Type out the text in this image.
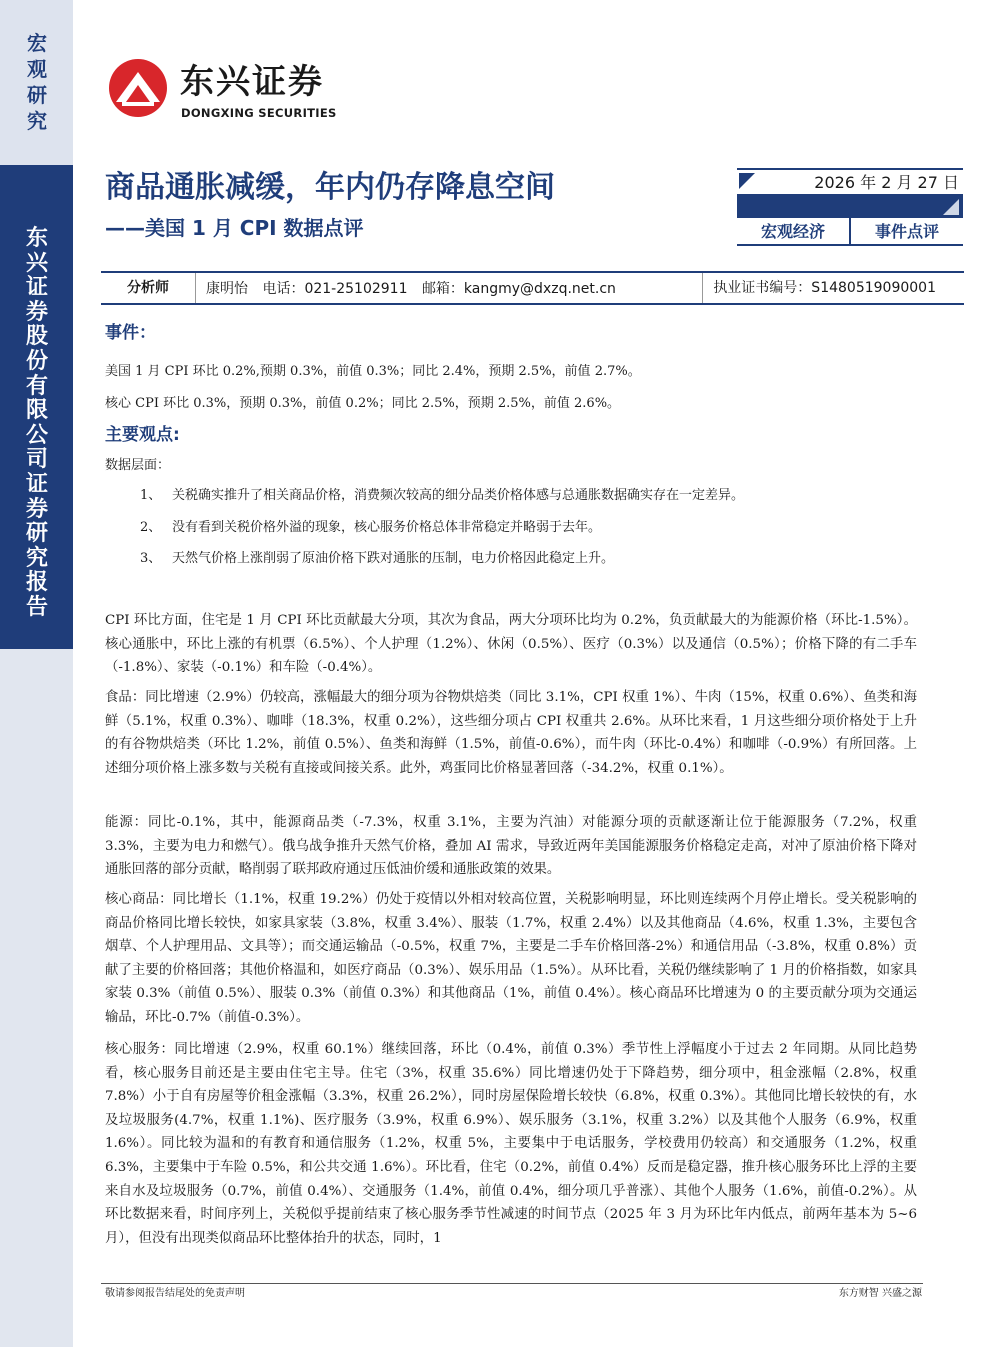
宏观研究
东兴证券股份有限公司证券研究报告
东兴证券
DONGXING SECURITIES
商品通胀减缓，年内仍存降息空间
——美国 1 月 CPI 数据点评
2026 年 2 月 27 日
宏观经济	事件点评
分析师	康明怡 电话：021-25102911 邮箱：kangmy@dxzq.net.cn	执业证书编号：S1480519090001
事件：
美国 1 月 CPI 环比 0.2%,预期 0.3%，前值 0.3%；同比 2.4%，预期 2.5%，前值 2.7%。
核心 CPI 环比 0.3%，预期 0.3%，前值 0.2%；同比 2.5%，预期 2.5%，前值 2.6%。
主要观点:
数据层面：
1、 关税确实推升了相关商品价格，消费频次较高的细分品类价格体感与总通胀数据确实存在一定差异。
2、 没有看到关税价格外溢的现象，核心服务价格总体非常稳定并略弱于去年。
3、 天然气价格上涨削弱了原油价格下跌对通胀的压制，电力价格因此稳定上升。
CPI 环比方面，住宅是 1 月 CPI 环比贡献最大分项，其次为食品，两大分项环比均为 0.2%，负贡献最大的为能源价格（环比-1.5%）。核心通胀中，环比上涨的有机票（6.5%）、个人护理（1.2%）、休闲（0.5%）、医疗（0.3%）以及通信（0.5%）；价格下降的有二手车（-1.8%）、家装（-0.1%）和车险（-0.4%）。
食品：同比增速（2.9%）仍较高，涨幅最大的细分项为谷物烘焙类（同比 3.1%，CPI 权重 1%）、牛肉（15%，权重 0.6%）、鱼类和海鲜（5.1%，权重 0.3%）、咖啡（18.3%，权重 0.2%），这些细分项占 CPI 权重共 2.6%。从环比来看，1 月这些细分项价格处于上升的有谷物烘焙类（环比 1.2%，前值 0.5%）、鱼类和海鲜（1.5%，前值-0.6%），而牛肉（环比-0.4%）和咖啡（-0.9%）有所回落。上述细分项价格上涨多数与关税有直接或间接关系。此外，鸡蛋同比价格显著回落（-34.2%，权重 0.1%）。
能源：同比-0.1%，其中，能源商品类（-7.3%，权重 3.1%，主要为汽油）对能源分项的贡献逐渐让位于能源服务（7.2%，权重 3.3%，主要为电力和燃气）。俄乌战争推升天然气价格，叠加 AI 需求，导致近两年美国能源服务价格稳定走高，对冲了原油价格下降对通胀回落的部分贡献，略削弱了联邦政府通过压低油价缓和通胀政策的效果。
核心商品：同比增长（1.1%，权重 19.2%）仍处于疫情以外相对较高位置，关税影响明显，环比则连续两个月停止增长。受关税影响的商品价格同比增长较快，如家具家装（3.8%，权重 3.4%）、服装（1.7%，权重 2.4%）以及其他商品（4.6%，权重 1.3%，主要包含烟草、个人护理用品、文具等）；而交通运输品（-0.5%，权重 7%，主要是二手车价格回落-2%）和通信用品（-3.8%，权重 0.8%）贡献了主要的价格回落；其他价格温和，如医疗商品（0.3%）、娱乐用品（1.5%）。从环比看，关税仍继续影响了 1 月的价格指数，如家具家装 0.3%（前值 0.5%）、服装 0.3%（前值 0.3%）和其他商品（1%，前值 0.4%）。核心商品环比增速为 0 的主要贡献分项为交通运输品，环比-0.7%（前值-0.3%）。
核心服务：同比增速（2.9%，权重 60.1%）继续回落，环比（0.4%，前值 0.3%）季节性上浮幅度小于过去 2 年同期。从同比趋势看，核心服务目前还是主要由住宅主导。住宅（3%，权重 35.6%）同比增速仍处于下降趋势，细分项中，租金涨幅（2.8%，权重 7.8%）小于自有房屋等价租金涨幅（3.3%，权重 26.2%），同时房屋保险增长较快（6.8%，权重 0.3%）。其他同比增长较快的有，水及垃圾服务(4.7%，权重 1.1%)、医疗服务（3.9%，权重 6.9%）、娱乐服务（3.1%，权重 3.2%）以及其他个人服务（6.9%，权重 1.6%）。同比较为温和的有教育和通信服务（1.2%，权重 5%，主要集中于电话服务，学校费用仍较高）和交通服务（1.2%，权重 6.3%，主要集中于车险 0.5%，和公共交通 1.6%）。环比看，住宅（0.2%，前值 0.4%）反而是稳定器，推升核心服务环比上浮的主要来自水及垃圾服务（0.7%，前值 0.4%）、交通服务（1.4%，前值 0.4%，细分项几乎普涨）、其他个人服务（1.6%，前值-0.2%）。从环比数据来看，时间序列上，关税似乎提前结束了核心服务季节性减速的时间节点（2025 年 3 月为环比年内低点，前两年基本为 5~6 月），但没有出现类似商品环比整体抬升的状态，同时，1
敬请参阅报告结尾处的免责声明	东方财智 兴盛之源
